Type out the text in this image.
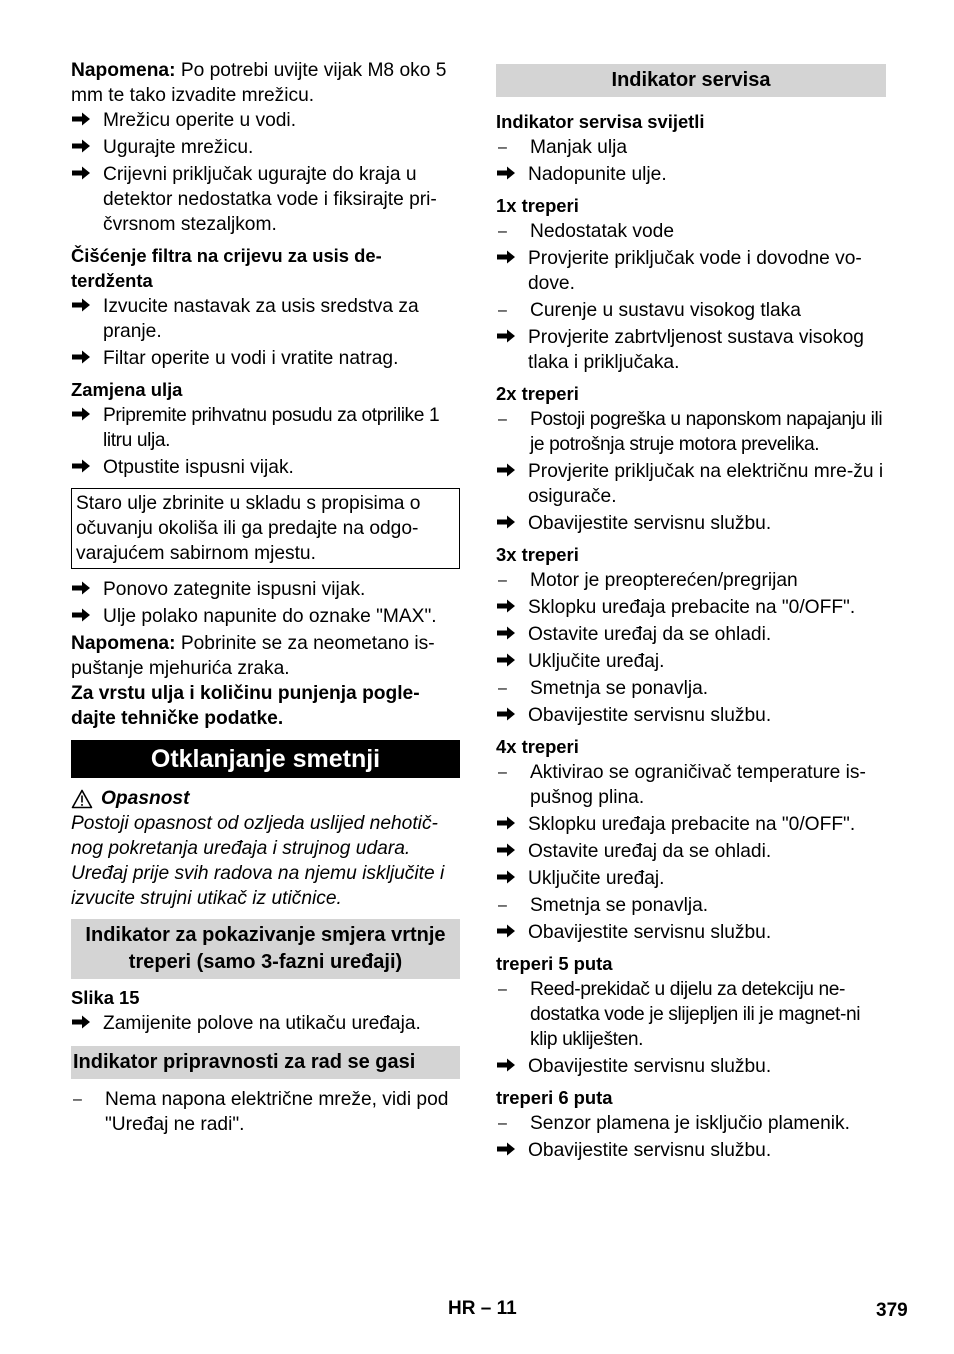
Napomena: Po potrebi uvijte vijak M8 oko 5 mm te tako izvadite mrežicu.

Mrežicu operite u vodi.
Ugurajte mrežicu.
Crijevni priključak ugurajte do kraja u detektor nedostatka vode i fiksirajte pri-čvrsnom stezaljkom.
Čišćenje filtra na crijevu za usis de-terdženta
Izvucite nastavak za usis sredstva za pranje.
Filtar operite u vodi i vratite natrag.
Zamjena ulja
Pripremite prihvatnu posudu za otprilike 1 litru ulja.
Otpustite ispusni vijak.
Staro ulje zbrinite u skladu s propisima o očuvanju okoliša ili ga predajte na odgo-varajućem sabirnom mjestu.
Ponovo zategnite ispusni vijak.
Ulje polako napunite do oznake "MAX".

Napomena: Pobrinite se za neometano is-puštanje mjehurića zraka.

Za vrstu ulja i količinu punjenja pogle-dajte tehničke podatke.

Otklanjanje smetnji
Opasnost

Postoji opasnost od ozljeda uslijed nehotič-nog pokretanja uređaja i strujnog udara. Uređaj prije svih radova na njemu isključite i izvucite strujni utikač iz utičnice.

Indikator za pokazivanje smjera vrtnje treperi (samo 3-fazni uređaji)
Slika 15
Zamijenite polove na utikaču uređaja.
Indikator pripravnosti za rad se gasi
–	Nema napona električne mreže, vidi pod "Uređaj ne radi".
Indikator servisa
Indikator servisa svijetli
–	Manjak ulja
Nadopunite ulje.
1x treperi
–	Nedostatak vode
Provjerite priključak vode i dovodne vo-dove.
–	Curenje u sustavu visokog tlaka
Provjerite zabrtvljenost sustava visokog tlaka i priključaka.
2x treperi
–	Postoji pogreška u naponskom napajanju ili je potrošnja struje motora prevelika.
Provjerite priključak na električnu mre-žu i osigurače.
Obavijestite servisnu službu.
3x treperi
–	Motor je preopterećen/pregrijan
Sklopku uređaja prebacite na "0/OFF".
Ostavite uređaj da se ohladi.
Uključite uređaj.
–	Smetnja se ponavlja.
Obavijestite servisnu službu.
4x treperi
–	Aktivirao se ograničivač temperature is-pušnog plina.
Sklopku uređaja prebacite na "0/OFF".
Ostavite uređaj da se ohladi.
Uključite uređaj.
–	Smetnja se ponavlja.
Obavijestite servisnu službu.
treperi 5 puta
–	Reed-prekidač u dijelu za detekciju ne-dostatka vode je slijepljen ili je magnet-ni klip ukliješten.
Obavijestite servisnu službu.
treperi 6 puta
–	Senzor plamena je isključio plamenik.
Obavijestite servisnu službu.
HR – 11	379
